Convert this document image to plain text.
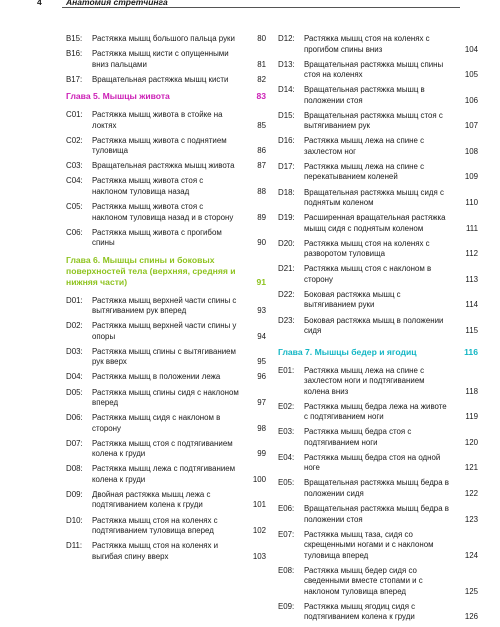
4	Анатомия стретчинга
B15:	Растяжка мышц большого пальца руки	80
B16:	Растяжка мышц кисти с опущенными вниз пальцами	81
B17:	Вращательная растяжка мышц кисти	82
Глава 5. Мышцы живота	83
C01:	Растяжка мышц живота в стойке на локтях	85
C02:	Растяжка мышц живота с поднятием туловища	86
C03:	Вращательная растяжка мышц живота	87
C04:	Растяжка мышц живота стоя с наклоном туловища назад	88
C05:	Растяжка мышц живота стоя с наклоном туловища назад и в сторону	89
C06:	Растяжка мышц живота с прогибом спины	90
Глава 6. Мышцы спины и боковых поверхностей тела (верхняя, средняя и нижняя части)	91
D01:	Растяжка мышц верхней части спины с вытягиванием рук вперед	93
D02:	Растяжка мышц верхней части спины у опоры	94
D03:	Растяжка мышц спины с вытягиванием рук вверх	95
D04:	Растяжка мышц в положении лежа	96
D05:	Растяжка мышц спины сидя с наклоном вперед	97
D06:	Растяжка мышц сидя с наклоном в сторону	98
D07:	Растяжка мышц стоя с подтягиванием колена к груди	99
D08:	Растяжка мышц лежа с подтягиванием колена к груди	100
D09:	Двойная растяжка мышц лежа с подтягиванием колена к груди	101
D10:	Растяжка мышц стоя на коленях с подтягиванием туловища вперед	102
D11:	Растяжка мышц стоя на коленях и выгибая спину вверх	103
D12:	Растяжка мышц стоя на коленях с прогибом спины вниз	104
D13:	Вращательная растяжка мышц спины стоя на коленях	105
D14:	Вращательная растяжка мышц в положении стоя	106
D15:	Вращательная растяжка мышц стоя с вытягиванием рук	107
D16:	Растяжка мышц лежа на спине с захлестом ног	108
D17:	Растяжка мышц лежа на спине с перекатыванием коленей	109
D18:	Вращательная растяжка мышц сидя с поднятым коленом	110
D19:	Расширенная вращательная растяжка мышц сидя с поднятым коленом	111
D20:	Растяжка мышц стоя на коленях с разворотом туловища	112
D21:	Растяжка мышц стоя с наклоном в сторону	113
D22:	Боковая растяжка мышц с вытягиванием руки	114
D23:	Боковая растяжка мышц в положении сидя	115
Глава 7. Мышцы бедер и ягодиц	116
E01:	Растяжка мышц лежа на спине с захлестом ноги и подтягиванием колена вниз	118
E02:	Растяжка мышц бедра лежа на животе с подтягиванием ноги	119
E03:	Растяжка мышц бедра стоя с подтягиванием ноги	120
E04:	Растяжка мышц бедра стоя на одной ноге	121
E05:	Вращательная растяжка мышц бедра в положении сидя	122
E06:	Вращательная растяжка мышц бедра в положении стоя	123
E07:	Растяжка мышц таза, сидя со скрещенными ногами и с наклоном туловища вперед	124
E08:	Растяжка мышц бедер сидя со сведенными вместе стопами и с наклоном туловища вперед	125
E09:	Растяжка мышц ягодиц сидя с подтягиванием колена к груди	126
